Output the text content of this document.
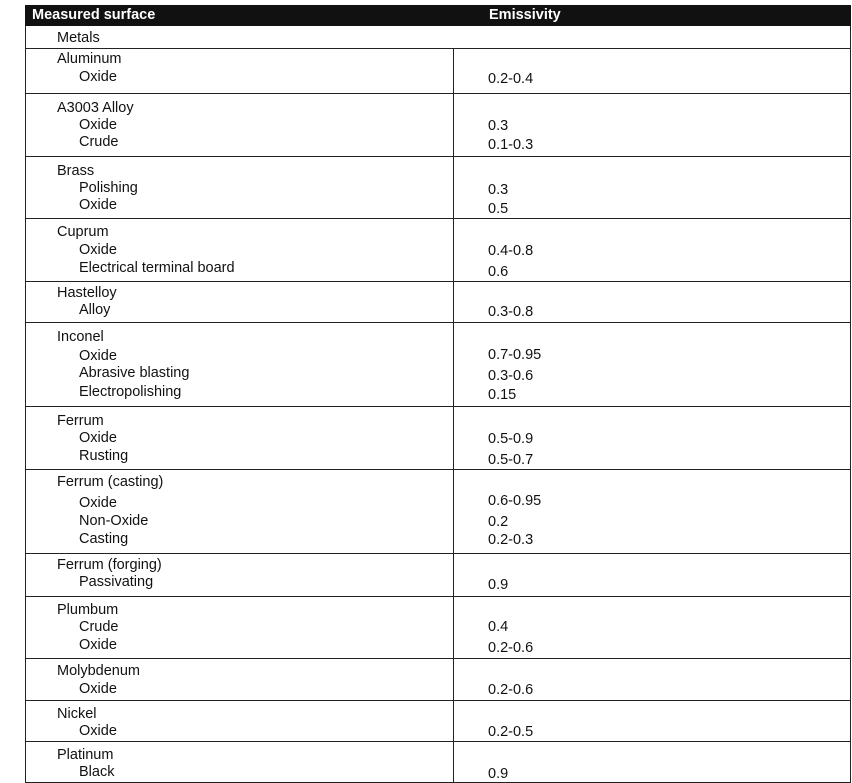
Measured surface	Emissivity
Metals
Aluminum
Oxide	0.2-0.4
A3003 Alloy
Oxide	0.3
Crude	0.1-0.3
Brass
Polishing	0.3
Oxide	0.5
Cuprum
Oxide	0.4-0.8
Electrical terminal board	0.6
Hastelloy
Alloy	0.3-0.8
Inconel
Oxide	0.7-0.95
Abrasive blasting	0.3-0.6
Electropolishing	0.15
Ferrum
Oxide	0.5-0.9
Rusting	0.5-0.7
Ferrum (casting)
Oxide	0.6-0.95
Non-Oxide	0.2
Casting	0.2-0.3
Ferrum (forging)
Passivating	0.9
Plumbum
Crude	0.4
Oxide	0.2-0.6
Molybdenum
Oxide	0.2-0.6
Nickel
Oxide	0.2-0.5
Platinum
Black	0.9
